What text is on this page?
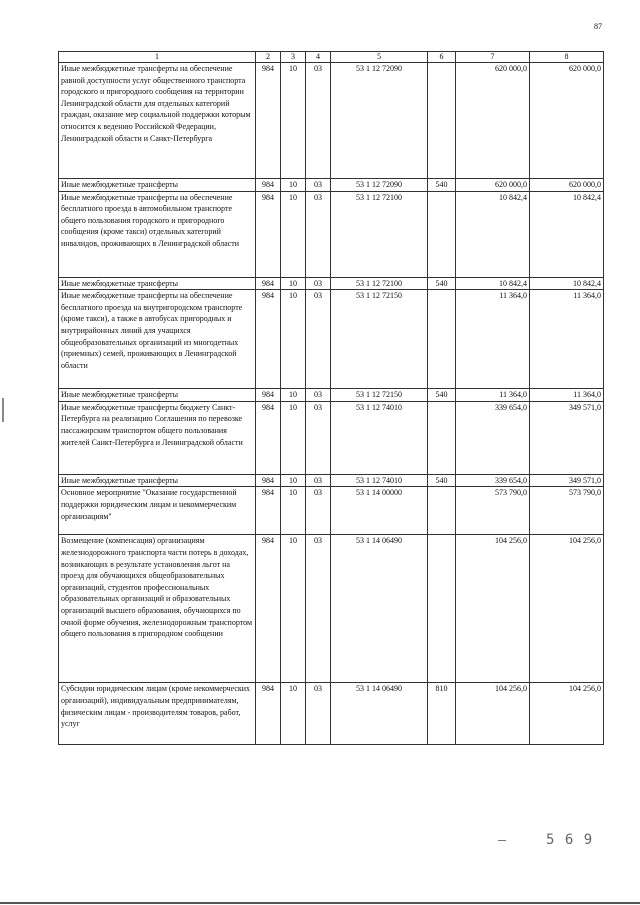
87
1	2	3	4	5	6	7	8
Иные межбюджетные трансферты на обеспечение равной доступности услуг общественного транспорта городского и пригородного сообщения на территории Ленинградской области для отдельных категорий граждан, оказание мер социальной поддержки которым относится к ведению Российской Федерации, Ленинградской области и Санкт-Петербурга	984	10	03	53 1 12 72090		620 000,0	620 000,0
Иные межбюджетные трансферты	984	10	03	53 1 12 72090	540	620 000,0	620 000,0
Иные межбюджетные трансферты на обеспечение бесплатного проезда в автомобильном транспорте общего пользования городского и пригородного сообщения (кроме такси) отдельных категорий инвалидов, проживающих в Ленинградской области	984	10	03	53 1 12 72100		10 842,4	10 842,4
Иные межбюджетные трансферты	984	10	03	53 1 12 72100	540	10 842,4	10 842,4
Иные межбюджетные трансферты на обеспечение бесплатного проезда на внутригородском транспорте (кроме такси), а также в автобусах пригородных и внутрирайонных линий для учащихся общеобразовательных организаций из многодетных (приемных) семей, проживающих в Ленинградской области	984	10	03	53 1 12 72150		11 364,0	11 364,0
Иные межбюджетные трансферты	984	10	03	53 1 12 72150	540	11 364,0	11 364,0
Иные межбюджетные трансферты бюджету Санкт-Петербурга на реализацию Соглашения по перевозке пассажирским транспортом общего пользования жителей Санкт-Петербурга и Ленинградской области	984	10	03	53 1 12 74010		339 654,0	349 571,0
Иные межбюджетные трансферты	984	10	03	53 1 12 74010	540	339 654,0	349 571,0
Основное мероприятие "Оказание государственной поддержки юридическим лицам и некоммерческим организациям"	984	10	03	53 1 14 00000		573 790,0	573 790,0
Возмещение (компенсация) организациям железнодорожного транспорта части потерь в доходах, возникающих в результате установления льгот на проезд для обучающихся общеобразовательных организаций, студентов профессиональных образовательных организаций и образовательных организаций высшего образования, обучающихся по очной форме обучения, железнодорожным транспортом общего пользования в пригородном сообщении	984	10	03	53 1 14 06490		104 256,0	104 256,0
Субсидии юридическим лицам (кроме некоммерческих организаций), индивидуальным предпринимателям, физическим лицам - производителям товаров, работ, услуг	984	10	03	53 1 14 06490	810	104 256,0	104 256,0
5 6 9
